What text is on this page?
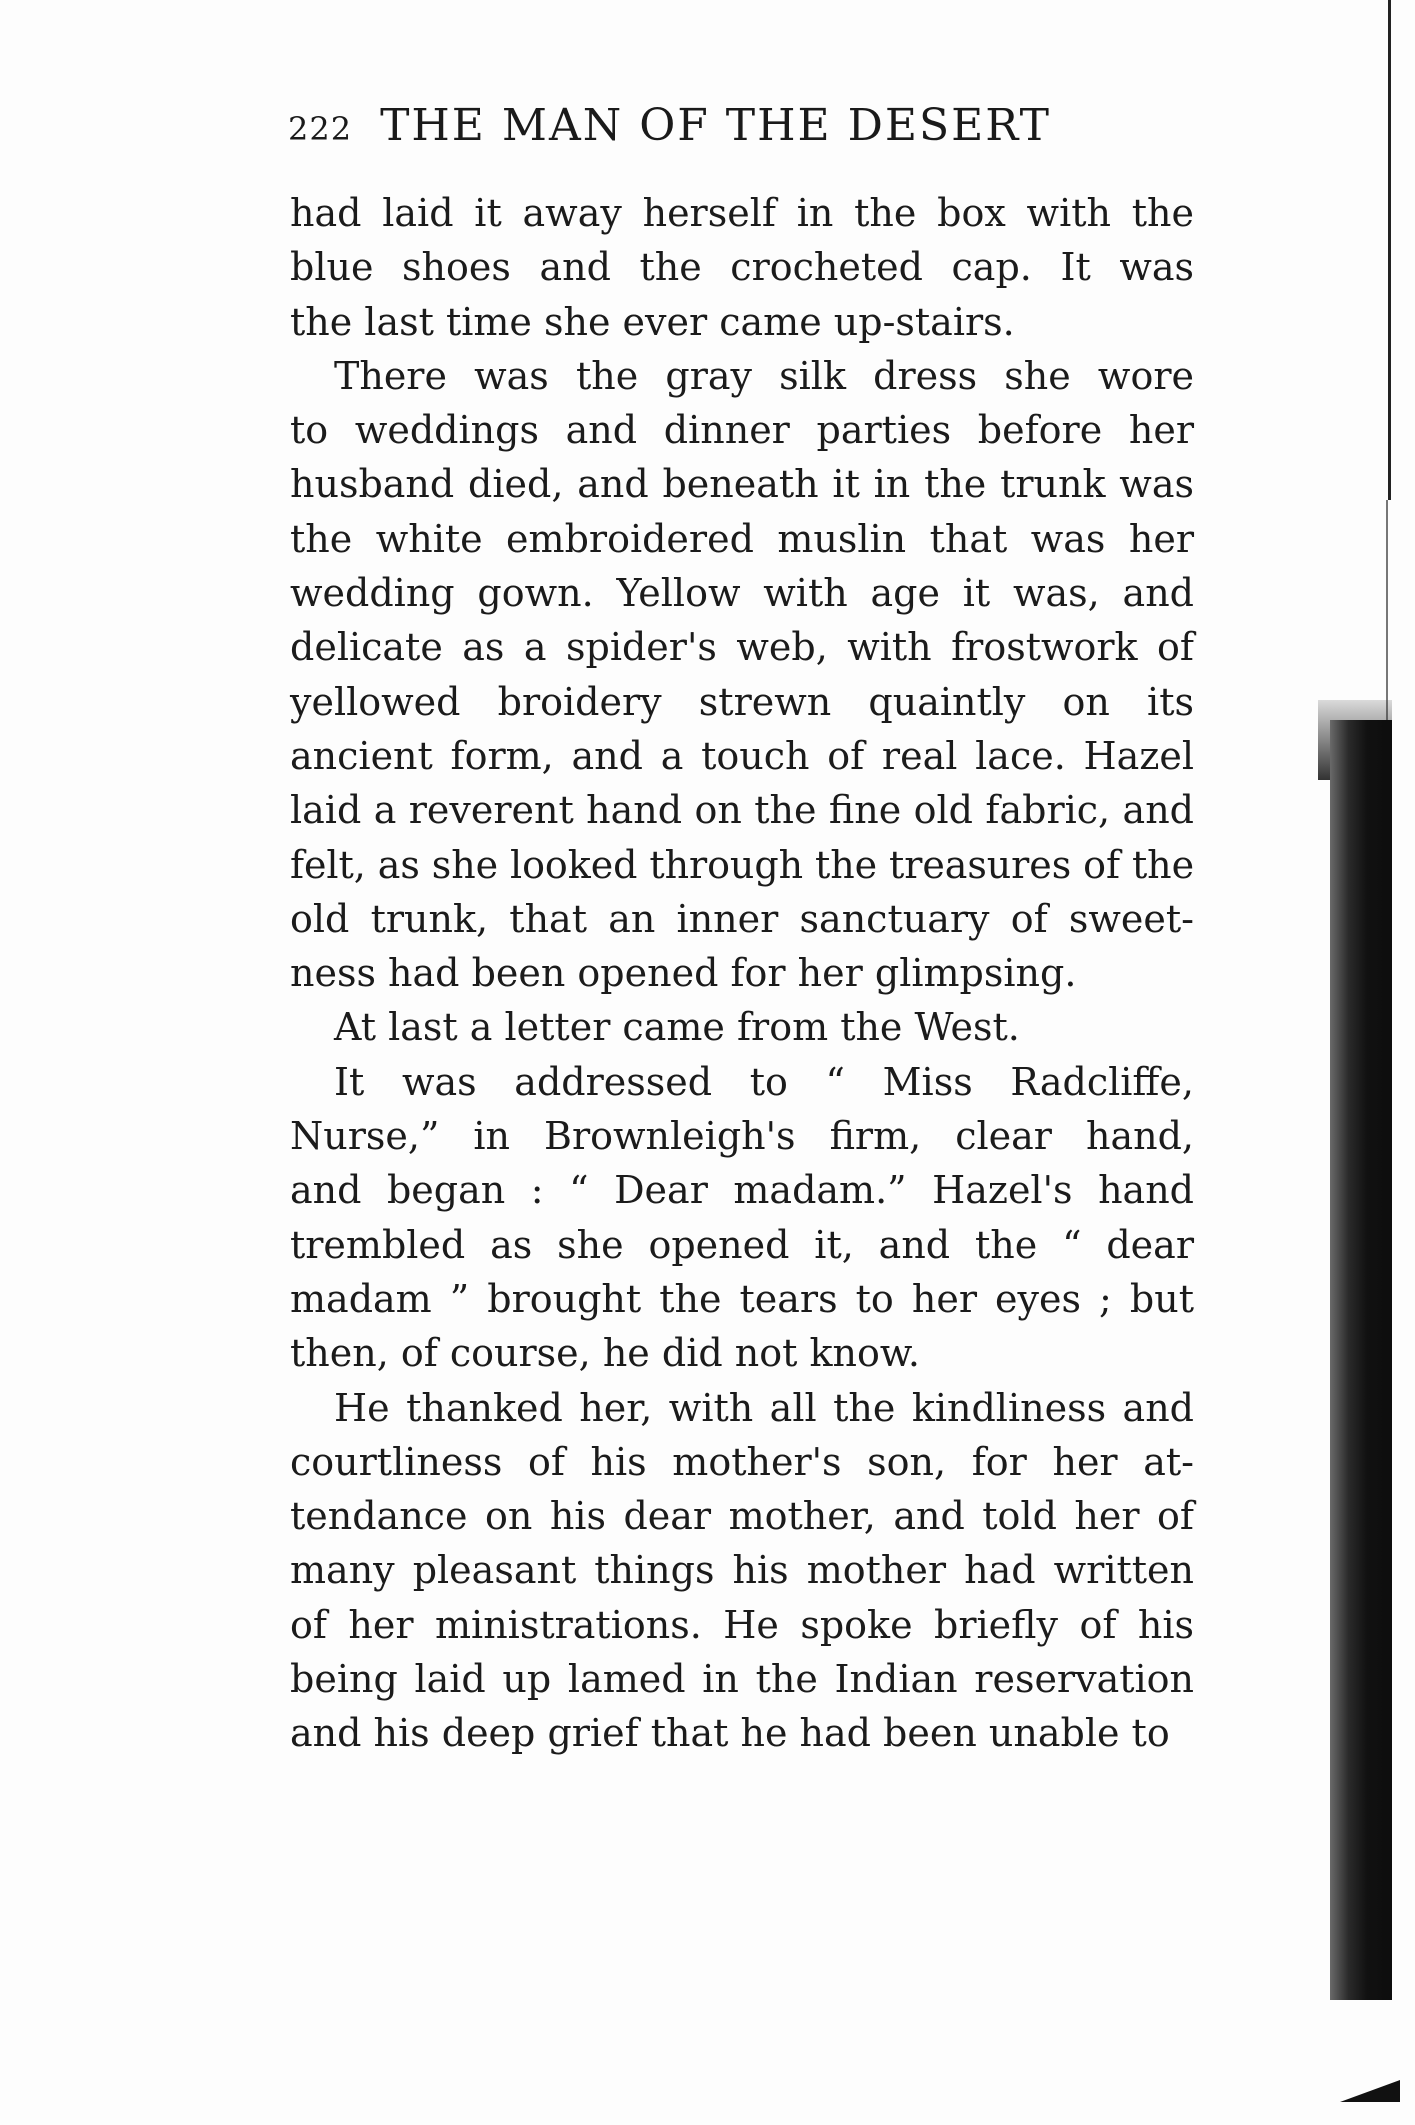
222 THE MAN OF THE DESERT
had laid it away herself in the box with the
blue shoes and the crocheted cap. It was
the last time she ever came up-stairs.
There was the gray silk dress she wore
to weddings and dinner parties before her
husband died, and beneath it in the trunk was
the white embroidered muslin that was her
wedding gown. Yellow with age it was, and
delicate as a spider's web, with frostwork of
yellowed broidery strewn quaintly on its
ancient form, and a touch of real lace. Hazel
laid a reverent hand on the fine old fabric, and
felt, as she looked through the treasures of the
old trunk, that an inner sanctuary of sweet-
ness had been opened for her glimpsing.
At last a letter came from the West.
It was addressed to “ Miss Radcliffe,
Nurse,” in Brownleigh's firm, clear hand,
and began : “ Dear madam.” Hazel's hand
trembled as she opened it, and the “ dear
madam ” brought the tears to her eyes ; but
then, of course, he did not know.
He thanked her, with all the kindliness and
courtliness of his mother's son, for her at-
tendance on his dear mother, and told her of
many pleasant things his mother had written
of her ministrations. He spoke briefly of his
being laid up lamed in the Indian reservation
and his deep grief that he had been unable to
